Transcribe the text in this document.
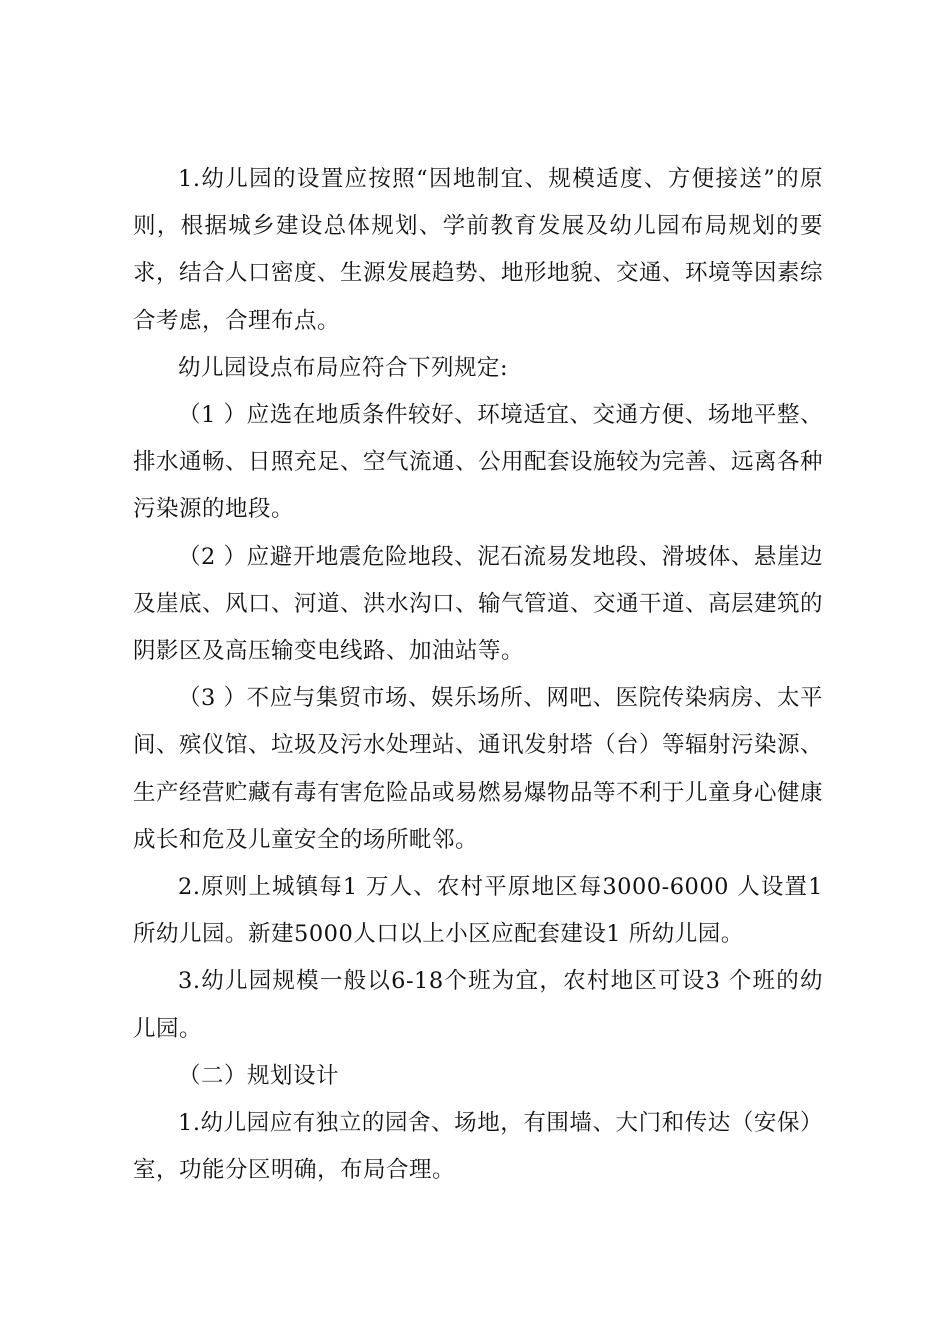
1.幼儿园的设置应按照“因地制宜、规模适度、方便接送”的原则，根据城乡建设总体规划、学前教育发展及幼儿园布局规划的要求，结合人口密度、生源发展趋势、地形地貌、交通、环境等因素综合考虑，合理布点。

幼儿园设点布局应符合下列规定:

（1 ）应选在地质条件较好、环境适宜、交通方便、场地平整、排水通畅、日照充足、空气流通、公用配套设施较为完善、远离各种污染源的地段。

（2 ）应避开地震危险地段、泥石流易发地段、滑坡体、悬崖边及崖底、风口、河道、洪水沟口、输气管道、交通干道、高层建筑的阴影区及高压输变电线路、加油站等。

（3 ）不应与集贸市场、娱乐场所、网吧、医院传染病房、太平间、殡仪馆、垃圾及污水处理站、通讯发射塔（台）等辐射污染源、生产经营贮藏有毒有害危险品或易燃易爆物品等不利于儿童身心健康成长和危及儿童安全的场所毗邻。

2.原则上城镇每1 万人、农村平原地区每3000-6000 人设置1 所幼儿园。新建5000人口以上小区应配套建设1 所幼儿园。

3.幼儿园规模一般以6-18个班为宜，农村地区可设3 个班的幼儿园。

（二）规划设计

1.幼儿园应有独立的园舍、场地，有围墙、大门和传达（安保）室，功能分区明确，布局合理。
